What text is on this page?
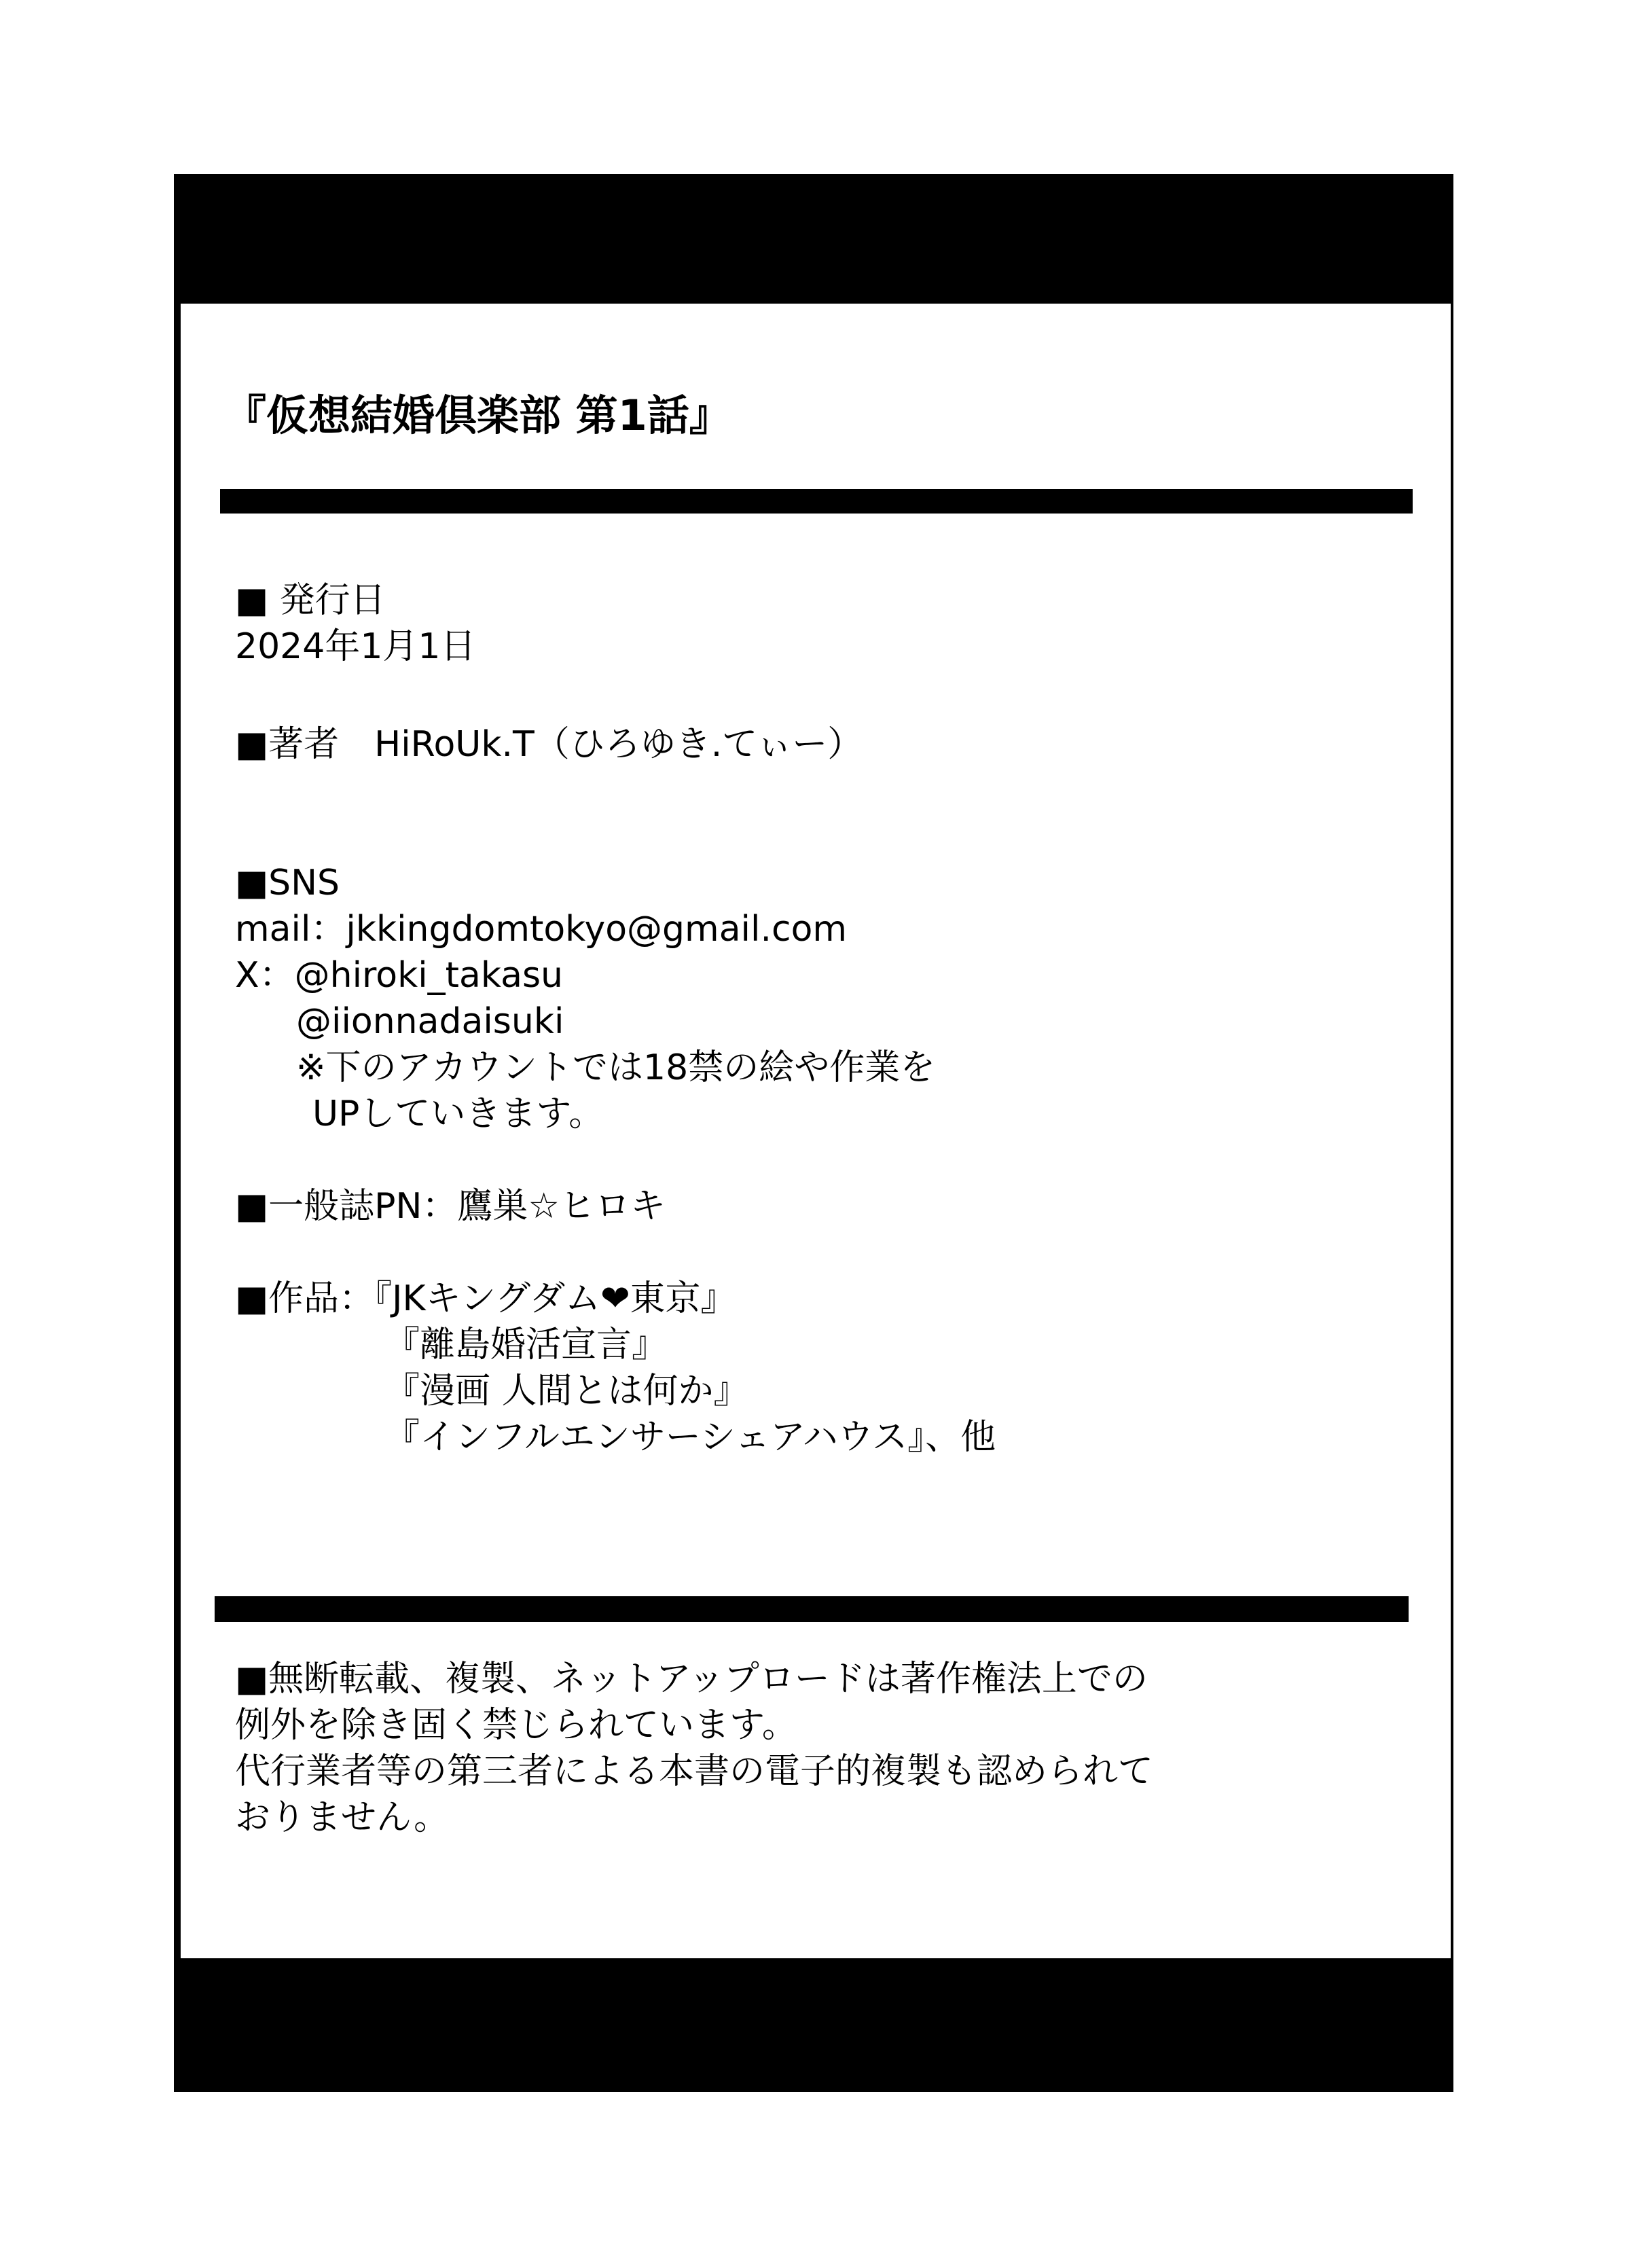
『仮想結婚倶楽部 第1話』
■ 発行日
2024年1月1日
■著者　HiRoUk.T（ひろゆき.てぃー）
■SNS
mail：jkkingdomtokyo@gmail.com
X：@hiroki_takasu
@iionnadaisuki
※下のアカウントでは18禁の絵や作業を
UPしていきます。
■一般誌PN：鷹巣☆ヒロキ
■作品：『JKキングダム❤東京』
『離島婚活宣言』
『漫画 人間とは何か』
『インフルエンサーシェアハウス』、他
■無断転載、複製、ネットアップロードは著作権法上での
例外を除き固く禁じられています。
代行業者等の第三者による本書の電子的複製も認められて
おりません。
